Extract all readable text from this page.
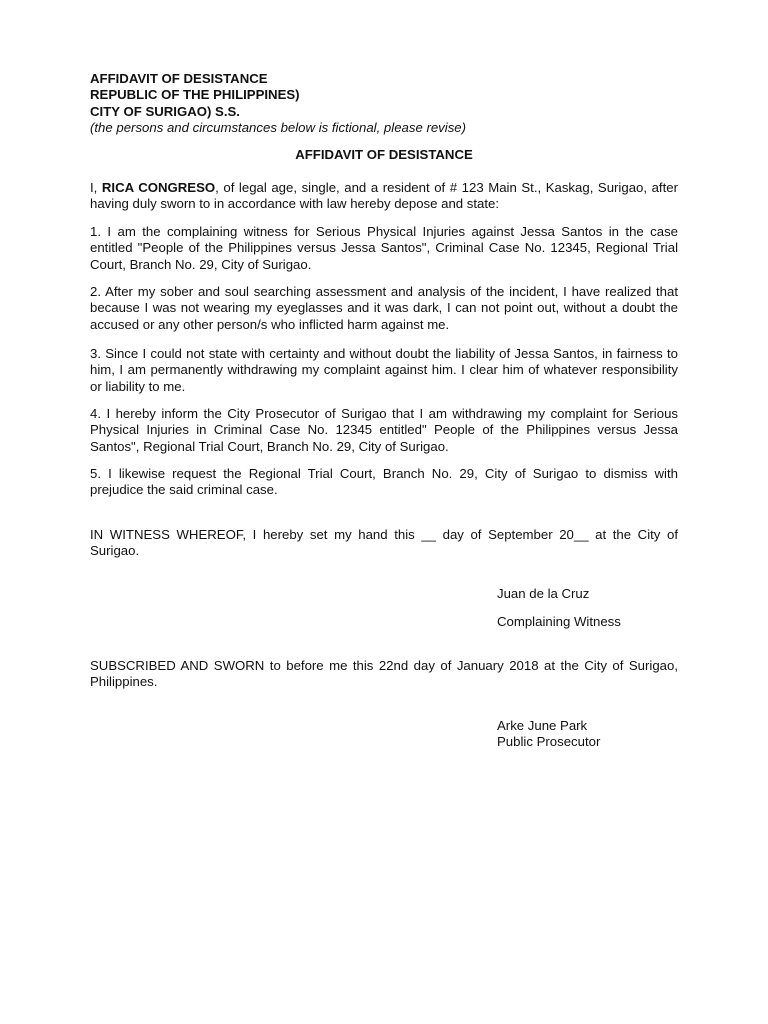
AFFIDAVIT OF DESISTANCE
REPUBLIC OF THE PHILIPPINES)
CITY OF SURIGAO) S.S.
(the persons and circumstances below is fictional, please revise)
AFFIDAVIT OF DESISTANCE
I, RICA CONGRESO, of legal age, single, and a resident of # 123 Main St., Kaskag, Surigao, after having duly sworn to in accordance with law hereby depose and state:
1. I am the complaining witness for Serious Physical Injuries against Jessa Santos in the case entitled "People of the Philippines versus Jessa Santos", Criminal Case No. 12345, Regional Trial Court, Branch No. 29, City of Surigao.
2. After my sober and soul searching assessment and analysis of the incident, I have realized that because I was not wearing my eyeglasses and it was dark, I can not point out, without a doubt the accused or any other person/s who inflicted harm against me.
3. Since I could not state with certainty and without doubt the liability of Jessa Santos, in fairness to him, I am permanently withdrawing my complaint against him. I clear him of whatever responsibility or liability to me.
4. I hereby inform the City Prosecutor of Surigao that I am withdrawing my complaint for Serious Physical Injuries in Criminal Case No. 12345 entitled" People of the Philippines versus Jessa Santos", Regional Trial Court, Branch No. 29, City of Surigao.
5. I likewise request the Regional Trial Court, Branch No. 29, City of Surigao to dismiss with prejudice the said criminal case.
IN WITNESS WHEREOF, I hereby set my hand this __ day of September 20__ at the City of Surigao.
Juan de la Cruz
Complaining Witness
SUBSCRIBED AND SWORN to before me this 22nd day of January 2018 at the City of Surigao, Philippines.
Arke June Park
Public Prosecutor
